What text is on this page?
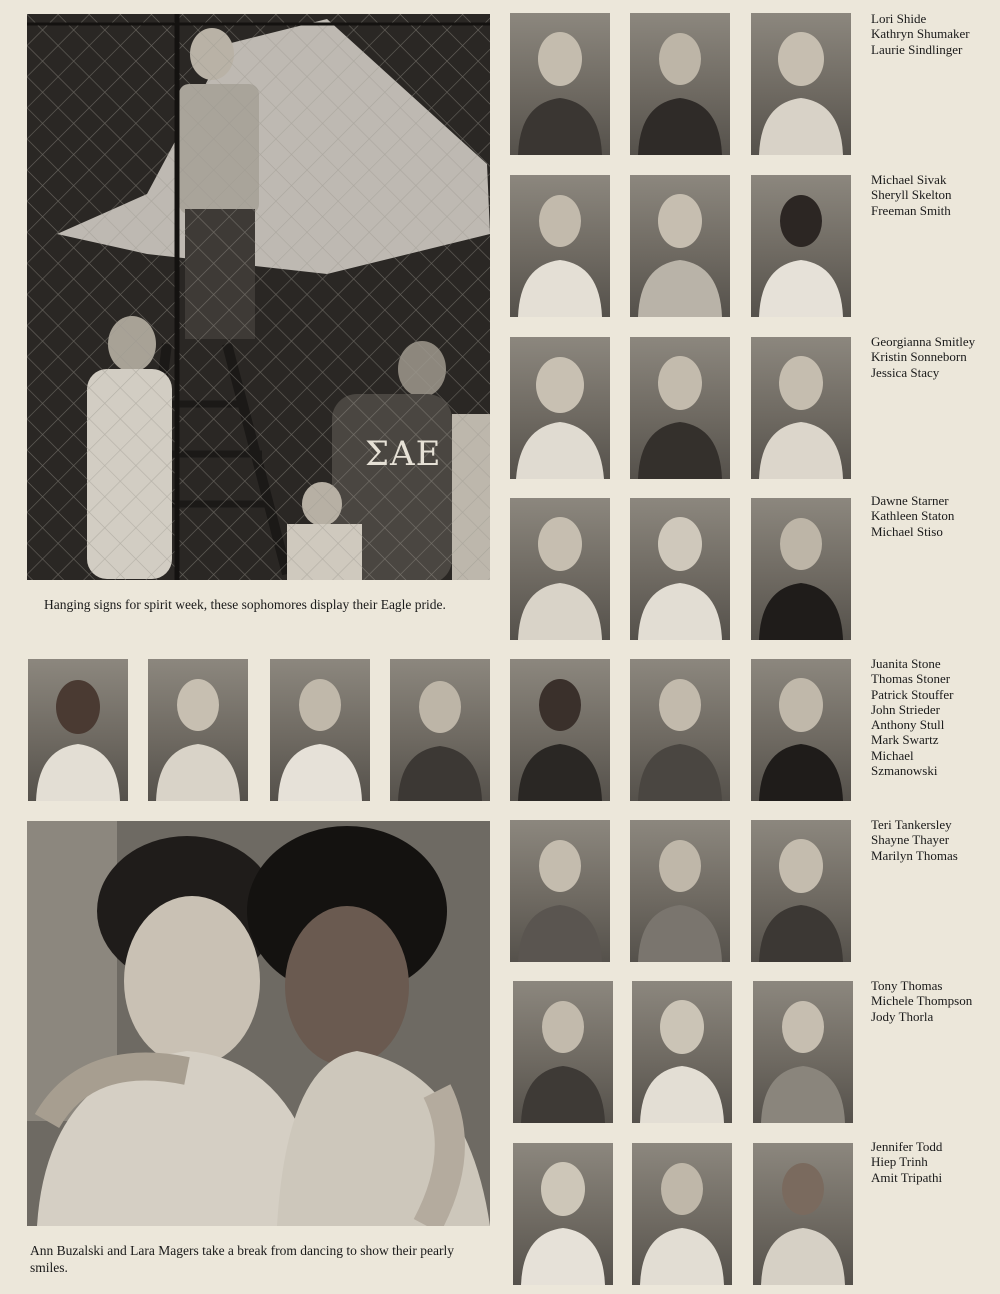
ΣΑΕ
Hanging signs for spirit week, these sophomores display their Eagle pride.
Ann Buzalski and Lara Magers take a break from dancing to show their pearly smiles.
Lori Shide
Kathryn Shumaker
Laurie Sindlinger
Michael Sivak
Sheryll Skelton
Freeman Smith
Georgianna Smitley
Kristin Sonneborn
Jessica Stacy
Dawne Starner
Kathleen Staton
Michael Stiso
Juanita Stone
Thomas Stoner
Patrick Stouffer
John Strieder
Anthony Stull
Mark Swartz
Michael
Szmanowski
Teri Tankersley
Shayne Thayer
Marilyn Thomas
Tony Thomas
Michele Thompson
Jody Thorla
Jennifer Todd
Hiep Trinh
Amit Tripathi
